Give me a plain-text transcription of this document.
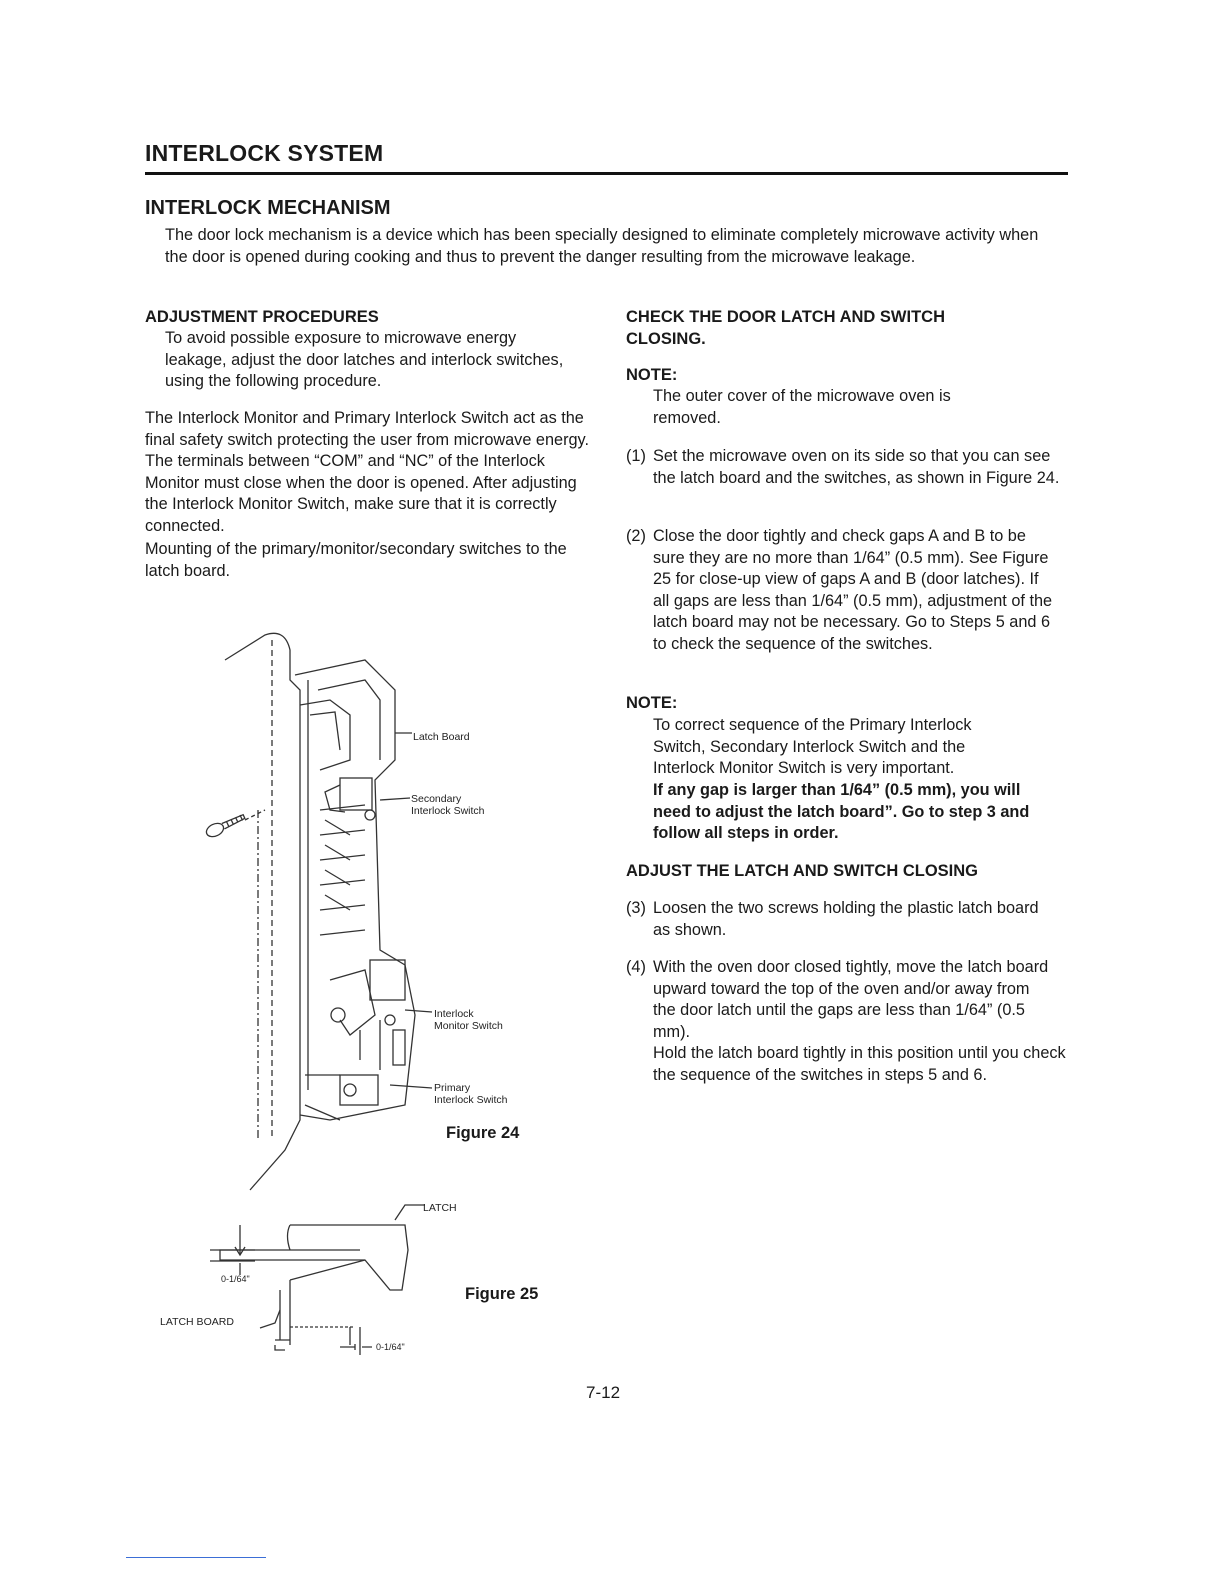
INTERLOCK SYSTEM
INTERLOCK MECHANISM
The door lock mechanism is a device which has been specially designed to eliminate completely microwave activity when the door is opened during cooking and thus to prevent the danger resulting from the microwave leakage.
ADJUSTMENT PROCEDURES
To avoid possible exposure to microwave energy leakage, adjust the door latches and interlock switches, using the following procedure.
The Interlock Monitor and Primary Interlock Switch act as the final safety switch protecting the user from microwave energy. The terminals between “COM” and “NC” of the Interlock Monitor must close when the door is opened. After adjusting the Interlock Monitor Switch, make sure that it is correctly connected.
Mounting of the primary/monitor/secondary switches to the latch board.
Latch Board
Secondary
Interlock Switch
Interlock
Monitor Switch
Primary
Interlock Switch
Figure 24
LATCH
0-1/64"
LATCH BOARD
0-1/64"
Figure 25
CHECK THE DOOR LATCH AND SWITCH CLOSING.
NOTE:
The outer cover of the microwave oven is removed.
(1) Set the microwave oven on its side so that you can see the latch board and the switches, as shown in Figure 24.
(2) Close the door tightly and check gaps A and B to be sure they are no more than 1/64” (0.5 mm). See Figure 25 for close-up view of gaps A and B (door latches). If all gaps are less than 1/64” (0.5 mm), adjustment of the latch board may not be necessary. Go to Steps 5 and 6 to check the sequence of the switches.
NOTE:
To correct sequence of the Primary Interlock Switch, Secondary Interlock Switch and the Interlock Monitor Switch is very important.
If any gap is larger than 1/64” (0.5 mm), you will need to adjust the latch board”. Go to step 3 and follow all steps in order.
ADJUST THE LATCH AND SWITCH CLOSING
(3) Loosen the two screws holding the plastic latch board as shown.
(4) With the oven door closed tightly, move the latch board upward toward the top of the oven and/or away from the door latch until the gaps are less than 1/64” (0.5 mm).
Hold the latch board tightly in this position until you check the sequence of the switches in steps 5 and 6.
7-12
